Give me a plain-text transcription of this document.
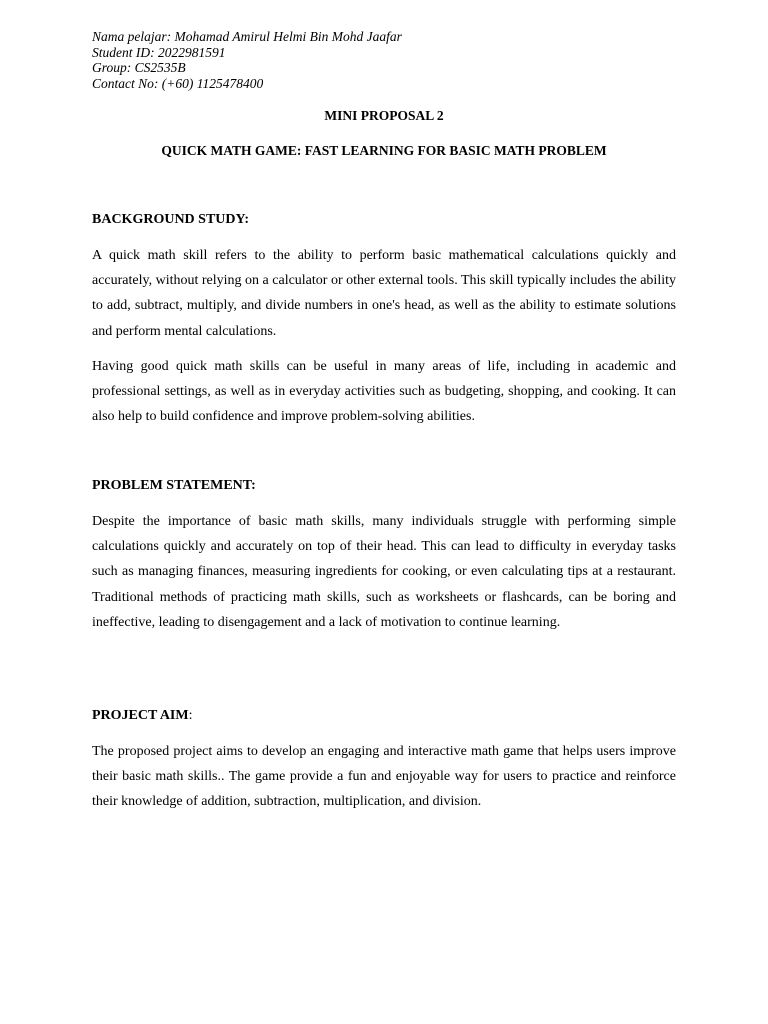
Nama pelajar: Mohamad Amirul Helmi Bin Mohd Jaafar
Student ID: 2022981591
Group: CS2535B
Contact No: (+60) 1125478400
MINI PROPOSAL 2
QUICK MATH GAME: FAST LEARNING FOR BASIC MATH PROBLEM
BACKGROUND STUDY:

A quick math skill refers to the ability to perform basic mathematical calculations quickly and accurately, without relying on a calculator or other external tools. This skill typically includes the ability to add, subtract, multiply, and divide numbers in one's head, as well as the ability to estimate solutions and perform mental calculations.

Having good quick math skills can be useful in many areas of life, including in academic and professional settings, as well as in everyday activities such as budgeting, shopping, and cooking. It can also help to build confidence and improve problem-solving abilities.

PROBLEM STATEMENT:

Despite the importance of basic math skills, many individuals struggle with performing simple calculations quickly and accurately on top of their head. This can lead to difficulty in everyday tasks such as managing finances, measuring ingredients for cooking, or even calculating tips at a restaurant. Traditional methods of practicing math skills, such as worksheets or flashcards, can be boring and ineffective, leading to disengagement and a lack of motivation to continue learning.

PROJECT AIM:

The proposed project aims to develop an engaging and interactive math game that helps users improve their basic math skills.. The game provide a fun and enjoyable way for users to practice and reinforce their knowledge of addition, subtraction, multiplication, and division.
